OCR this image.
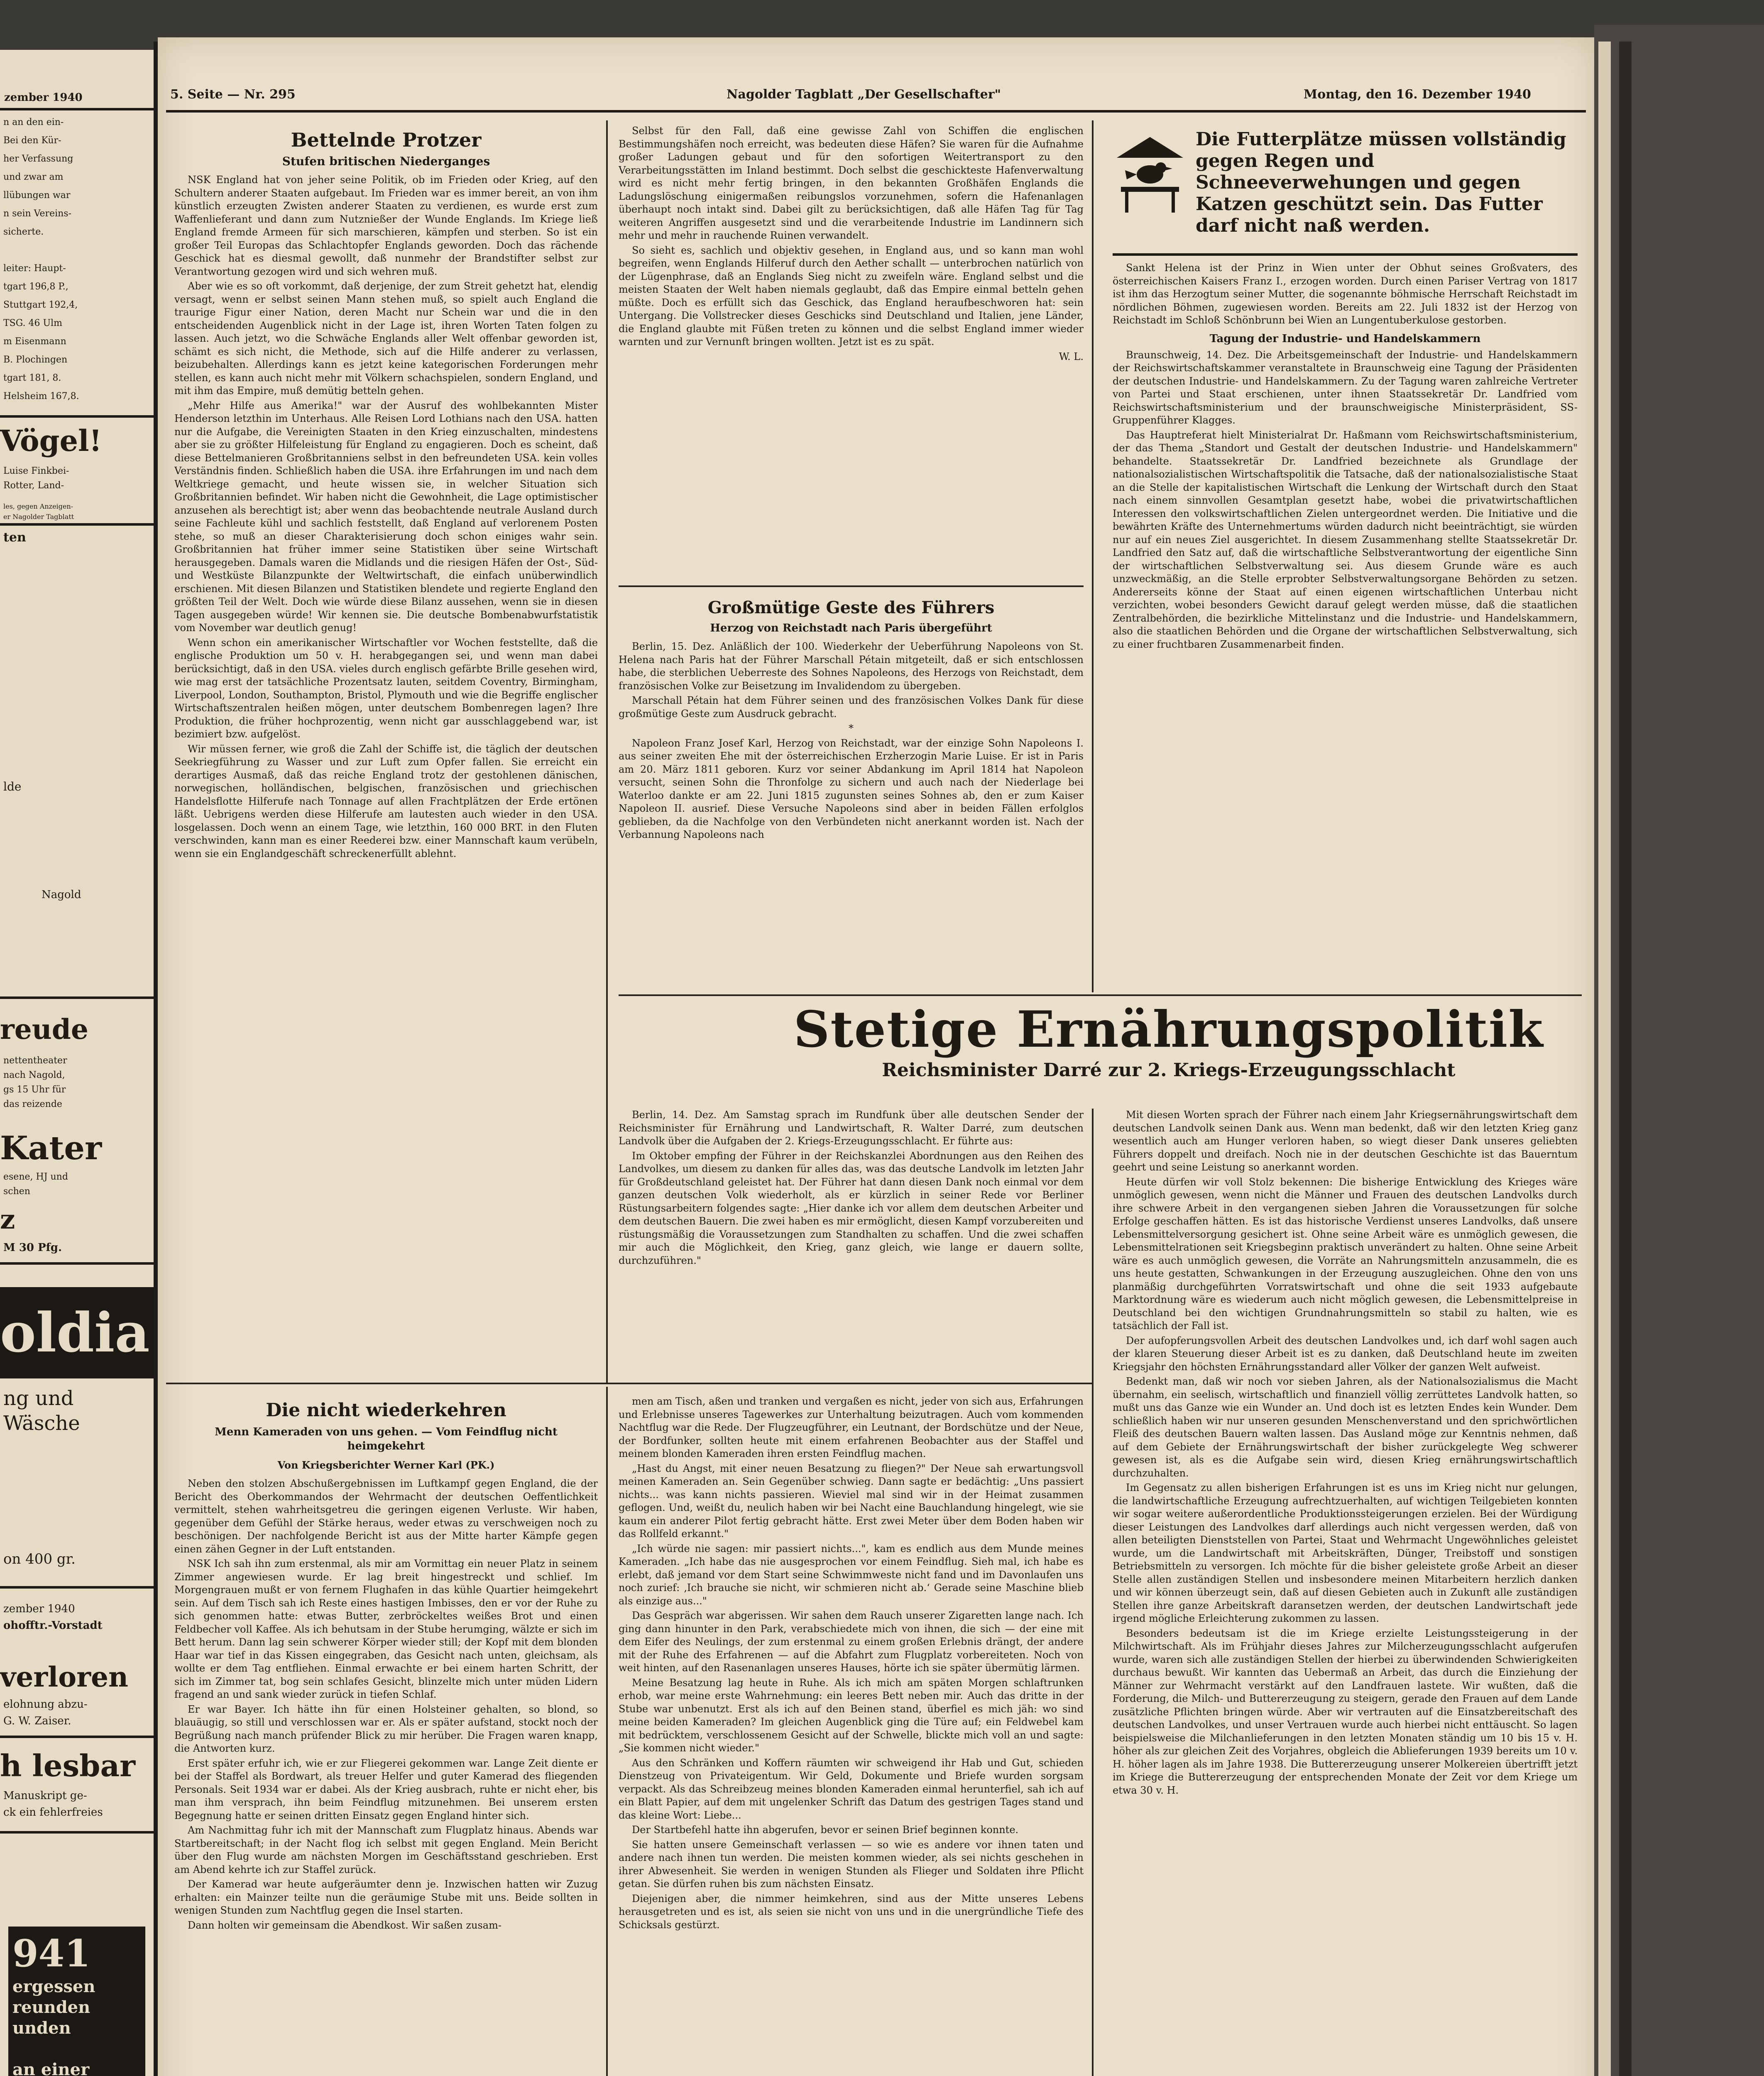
zember 1940
n an den ein-
Bei den Kür-
her Verfassung
und zwar am
llübungen war
n sein Vereins-
sicherte.
leiter: Haupt-
tgart 196,8 P.,
Stuttgart 192,4,
TSG. 46 Ulm
m Eisenmann
B. Plochingen
tgart 181, 8.
Helsheim 167,8.
Vögel!
Luise Finkbei-
Rotter, Land-
les, gegen Anzeigen-
er Nagolder Tagblatt
ten
lde
Nagold
reude
nettentheater
nach Nagold,
gs 15 Uhr für
das reizende
Kater
esene, HJ und
schen
z
M 30 Pfg.
oldia
ng und
Wäsche
on 400 gr.
zember 1940
ohofftr.-Vorstadt
verloren
elohnung abzu-
G. W. Zaiser.
h lesbar
Manuskript ge-
ck ein fehlerfreies
941
ergessen
reunden
unden
an einer
5. Seite — Nr. 295	Nagolder Tagblatt „Der Gesellschafter"	Montag, den 16. Dezember 1940
Bettelnde Protzer
Stufen britischen Niederganges

NSK England hat von jeher seine Politik, ob im Frieden oder Krieg, auf den Schultern anderer Staaten aufgebaut. Im Frieden war es immer bereit, an von ihm künstlich erzeugten Zwisten anderer Staaten zu verdienen, es wurde erst zum Waffenlieferant und dann zum Nutznießer der Wunde Englands. Im Kriege ließ England fremde Armeen für sich marschieren, kämpfen und sterben. So ist ein großer Teil Europas das Schlachtopfer Englands geworden. Doch das rächende Geschick hat es diesmal gewollt, daß nunmehr der Brandstifter selbst zur Verantwortung gezogen wird und sich wehren muß.

Aber wie es so oft vorkommt, daß derjenige, der zum Streit gehetzt hat, elendig versagt, wenn er selbst seinen Mann stehen muß, so spielt auch England die traurige Figur einer Nation, deren Macht nur Schein war und die in den entscheidenden Augenblick nicht in der Lage ist, ihren Worten Taten folgen zu lassen. Auch jetzt, wo die Schwäche Englands aller Welt offenbar geworden ist, schämt es sich nicht, die Methode, sich auf die Hilfe anderer zu verlassen, beizubehalten. Allerdings kann es jetzt keine kategorischen Forderungen mehr stellen, es kann auch nicht mehr mit Völkern schachspielen, sondern England, und mit ihm das Empire, muß demütig betteln gehen.

„Mehr Hilfe aus Amerika!" war der Ausruf des wohlbekannten Mister Henderson letzthin im Unterhaus. Alle Reisen Lord Lothians nach den USA. hatten nur die Aufgabe, die Vereinigten Staaten in den Krieg einzuschalten, mindestens aber sie zu größter Hilfeleistung für England zu engagieren. Doch es scheint, daß diese Bettelmanieren Großbritanniens selbst in den befreundeten USA. kein volles Verständnis finden. Schließlich haben die USA. ihre Erfahrungen im und nach dem Weltkriege gemacht, und heute wissen sie, in welcher Situation sich Großbritannien befindet. Wir haben nicht die Gewohnheit, die Lage optimistischer anzusehen als berechtigt ist; aber wenn das beobachtende neutrale Ausland durch seine Fachleute kühl und sachlich feststellt, daß England auf verlorenem Posten stehe, so muß an dieser Charakterisierung doch schon einiges wahr sein. Großbritannien hat früher immer seine Statistiken über seine Wirtschaft herausgegeben. Damals waren die Midlands und die riesigen Häfen der Ost-, Süd- und Westküste Bilanzpunkte der Weltwirtschaft, die einfach unüberwindlich erschienen. Mit diesen Bilanzen und Statistiken blendete und regierte England den größten Teil der Welt. Doch wie würde diese Bilanz aussehen, wenn sie in diesen Tagen ausgegeben würde! Wir kennen sie. Die deutsche Bombenabwurfstatistik vom November war deutlich genug!

Wenn schon ein amerikanischer Wirtschaftler vor Wochen feststellte, daß die englische Produktion um 50 v. H. herabgegangen sei, und wenn man dabei berücksichtigt, daß in den USA. vieles durch englisch gefärbte Brille gesehen wird, wie mag erst der tatsächliche Prozentsatz lauten, seitdem Coventry, Birmingham, Liverpool, London, Southampton, Bristol, Plymouth und wie die Begriffe englischer Wirtschaftszentralen heißen mögen, unter deutschem Bombenregen lagen? Ihre Produktion, die früher hochprozentig, wenn nicht gar ausschlaggebend war, ist bezimiert bzw. aufgelöst.

Wir müssen ferner, wie groß die Zahl der Schiffe ist, die täglich der deutschen Seekriegführung zu Wasser und zur Luft zum Opfer fallen. Sie erreicht ein derartiges Ausmaß, daß das reiche England trotz der gestohlenen dänischen, norwegischen, holländischen, belgischen, französischen und griechischen Handelsflotte Hilferufe nach Tonnage auf allen Frachtplätzen der Erde ertönen läßt. Uebrigens werden diese Hilferufe am lautesten auch wieder in den USA. losgelassen. Doch wenn an einem Tage, wie letzthin, 160 000 BRT. in den Fluten verschwinden, kann man es einer Reederei bzw. einer Mannschaft kaum verübeln, wenn sie ein Englandgeschäft schreckenerfüllt ablehnt.

Selbst für den Fall, daß eine gewisse Zahl von Schiffen die englischen Bestimmungshäfen noch erreicht, was bedeuten diese Häfen? Sie waren für die Aufnahme großer Ladungen gebaut und für den sofortigen Weitertransport zu den Verarbeitungsstätten im Inland bestimmt. Doch selbst die geschickteste Hafenverwaltung wird es nicht mehr fertig bringen, in den bekannten Großhäfen Englands die Ladungslöschung einigermaßen reibungslos vorzunehmen, sofern die Hafenanlagen überhaupt noch intakt sind. Dabei gilt zu berücksichtigen, daß alle Häfen Tag für Tag weiteren Angriffen ausgesetzt sind und die verarbeitende Industrie im Landinnern sich mehr und mehr in rauchende Ruinen verwandelt.

So sieht es, sachlich und objektiv gesehen, in England aus, und so kann man wohl begreifen, wenn Englands Hilferuf durch den Aether schallt — unterbrochen natürlich von der Lügenphrase, daß an Englands Sieg nicht zu zweifeln wäre. England selbst und die meisten Staaten der Welt haben niemals geglaubt, daß das Empire einmal betteln gehen müßte. Doch es erfüllt sich das Geschick, das England heraufbeschworen hat: sein Untergang. Die Vollstrecker dieses Geschicks sind Deutschland und Italien, jene Länder, die England glaubte mit Füßen treten zu können und die selbst England immer wieder warnten und zur Vernunft bringen wollten. Jetzt ist es zu spät.

W. L.

Großmütige Geste des Führers
Herzog von Reichstadt nach Paris übergeführt

Berlin, 15. Dez. Anläßlich der 100. Wiederkehr der Ueberführung Napoleons von St. Helena nach Paris hat der Führer Marschall Pétain mitgeteilt, daß er sich entschlossen habe, die sterblichen Ueberreste des Sohnes Napoleons, des Herzogs von Reichstadt, dem französischen Volke zur Beisetzung im Invalidendom zu übergeben.

Marschall Pétain hat dem Führer seinen und des französischen Volkes Dank für diese großmütige Geste zum Ausdruck gebracht.

*

Napoleon Franz Josef Karl, Herzog von Reichstadt, war der einzige Sohn Napoleons I. aus seiner zweiten Ehe mit der österreichischen Erzherzogin Marie Luise. Er ist in Paris am 20. März 1811 geboren. Kurz vor seiner Abdankung im April 1814 hat Napoleon versucht, seinen Sohn die Thronfolge zu sichern und auch nach der Niederlage bei Waterloo dankte er am 22. Juni 1815 zugunsten seines Sohnes ab, den er zum Kaiser Napoleon II. ausrief. Diese Versuche Napoleons sind aber in beiden Fällen erfolglos geblieben, da die Nachfolge von den Verbündeten nicht anerkannt worden ist. Nach der Verbannung Napoleons nach

Die Futterplätze müssen vollständig gegen Regen und Schneeverwehungen und gegen Katzen geschützt sein. Das Futter darf nicht naß werden.

Sankt Helena ist der Prinz in Wien unter der Obhut seines Großvaters, des österreichischen Kaisers Franz I., erzogen worden. Durch einen Pariser Vertrag von 1817 ist ihm das Herzogtum seiner Mutter, die sogenannte böhmische Herrschaft Reichstadt im nördlichen Böhmen, zugewiesen worden. Bereits am 22. Juli 1832 ist der Herzog von Reichstadt im Schloß Schönbrunn bei Wien an Lungentuberkulose gestorben.

Tagung der Industrie- und Handelskammern

Braunschweig, 14. Dez. Die Arbeitsgemeinschaft der Industrie- und Handelskammern der Reichswirtschaftskammer veranstaltete in Braunschweig eine Tagung der Präsidenten der deutschen Industrie- und Handelskammern. Zu der Tagung waren zahlreiche Vertreter von Partei und Staat erschienen, unter ihnen Staatssekretär Dr. Landfried vom Reichswirtschaftsministerium und der braunschweigische Ministerpräsident, SS-Gruppenführer Klagges.

Das Hauptreferat hielt Ministerialrat Dr. Haßmann vom Reichswirtschaftsministerium, der das Thema „Standort und Gestalt der deutschen Industrie- und Handelskammern" behandelte. Staatssekretär Dr. Landfried bezeichnete als Grundlage der nationalsozialistischen Wirtschaftspolitik die Tatsache, daß der nationalsozialistische Staat an die Stelle der kapitalistischen Wirtschaft die Lenkung der Wirtschaft durch den Staat nach einem sinnvollen Gesamtplan gesetzt habe, wobei die privatwirtschaftlichen Interessen den volkswirtschaftlichen Zielen untergeordnet werden. Die Initiative und die bewährten Kräfte des Unternehmertums würden dadurch nicht beeinträchtigt, sie würden nur auf ein neues Ziel ausgerichtet. In diesem Zusammenhang stellte Staatssekretär Dr. Landfried den Satz auf, daß die wirtschaftliche Selbstverantwortung der eigentliche Sinn der wirtschaftlichen Selbstverwaltung sei. Aus diesem Grunde wäre es auch unzweckmäßig, an die Stelle erprobter Selbstverwaltungsorgane Behörden zu setzen. Andererseits könne der Staat auf einen eigenen wirtschaftlichen Unterbau nicht verzichten, wobei besonders Gewicht darauf gelegt werden müsse, daß die staatlichen Zentralbehörden, die bezirkliche Mittelinstanz und die Industrie- und Handelskammern, also die staatlichen Behörden und die Organe der wirtschaftlichen Selbstverwaltung, sich zu einer fruchtbaren Zusammenarbeit finden.

Stetige Ernährungspolitik
Reichsminister Darré zur 2. Kriegs-Erzeugungsschlacht

Berlin, 14. Dez. Am Samstag sprach im Rundfunk über alle deutschen Sender der Reichsminister für Ernährung und Landwirtschaft, R. Walter Darré, zum deutschen Landvolk über die Aufgaben der 2. Kriegs-Erzeugungsschlacht. Er führte aus:

Im Oktober empfing der Führer in der Reichskanzlei Abordnungen aus den Reihen des Landvolkes, um diesem zu danken für alles das, was das deutsche Landvolk im letzten Jahr für Großdeutschland geleistet hat. Der Führer hat dann diesen Dank noch einmal vor dem ganzen deutschen Volk wiederholt, als er kürzlich in seiner Rede vor Berliner Rüstungsarbeitern folgendes sagte: „Hier danke ich vor allem dem deutschen Arbeiter und dem deutschen Bauern. Die zwei haben es mir ermöglicht, diesen Kampf vorzubereiten und rüstungsmäßig die Voraussetzungen zum Standhalten zu schaffen. Und die zwei schaffen mir auch die Möglichkeit, den Krieg, ganz gleich, wie lange er dauern sollte, durchzuführen."

Mit diesen Worten sprach der Führer nach einem Jahr Kriegsernährungswirtschaft dem deutschen Landvolk seinen Dank aus. Wenn man bedenkt, daß wir den letzten Krieg ganz wesentlich auch am Hunger verloren haben, so wiegt dieser Dank unseres geliebten Führers doppelt und dreifach. Noch nie in der deutschen Geschichte ist das Bauerntum geehrt und seine Leistung so anerkannt worden.

Heute dürfen wir voll Stolz bekennen: Die bisherige Entwicklung des Krieges wäre unmöglich gewesen, wenn nicht die Männer und Frauen des deutschen Landvolks durch ihre schwere Arbeit in den vergangenen sieben Jahren die Voraussetzungen für solche Erfolge geschaffen hätten. Es ist das historische Verdienst unseres Landvolks, daß unsere Lebensmittelversorgung gesichert ist. Ohne seine Arbeit wäre es unmöglich gewesen, die Lebensmittelrationen seit Kriegsbeginn praktisch unverändert zu halten. Ohne seine Arbeit wäre es auch unmöglich gewesen, die Vorräte an Nahrungsmitteln anzusammeln, die es uns heute gestatten, Schwankungen in der Erzeugung auszugleichen. Ohne den von uns planmäßig durchgeführten Vorratswirtschaft und ohne die seit 1933 aufgebaute Marktordnung wäre es wiederum auch nicht möglich gewesen, die Lebensmittelpreise in Deutschland bei den wichtigen Grundnahrungsmitteln so stabil zu halten, wie es tatsächlich der Fall ist.

Der aufopferungsvollen Arbeit des deutschen Landvolkes und, ich darf wohl sagen auch der klaren Steuerung dieser Arbeit ist es zu danken, daß Deutschland heute im zweiten Kriegsjahr den höchsten Ernährungsstandard aller Völker der ganzen Welt aufweist.

Bedenkt man, daß wir noch vor sieben Jahren, als der Nationalsozialismus die Macht übernahm, ein seelisch, wirtschaftlich und finanziell völlig zerrüttetes Landvolk hatten, so mußt uns das Ganze wie ein Wunder an. Und doch ist es letzten Endes kein Wunder. Dem schließlich haben wir nur unseren gesunden Menschenverstand und den sprichwörtlichen Fleiß des deutschen Bauern walten lassen. Das Ausland möge zur Kenntnis nehmen, daß auf dem Gebiete der Ernährungswirtschaft der bisher zurückgelegte Weg schwerer gewesen ist, als es die Aufgabe sein wird, diesen Krieg ernährungswirtschaftlich durchzuhalten.

Im Gegensatz zu allen bisherigen Erfahrungen ist es uns im Krieg nicht nur gelungen, die landwirtschaftliche Erzeugung aufrechtzuerhalten, auf wichtigen Teilgebieten konnten wir sogar weitere außerordentliche Produktionssteigerungen erzielen. Bei der Würdigung dieser Leistungen des Landvolkes darf allerdings auch nicht vergessen werden, daß von allen beteiligten Dienststellen von Partei, Staat und Wehrmacht Ungewöhnliches geleistet wurde, um die Landwirtschaft mit Arbeitskräften, Dünger, Treibstoff und sonstigen Betriebsmitteln zu versorgen. Ich möchte für die bisher geleistete große Arbeit an dieser Stelle allen zuständigen Stellen und insbesondere meinen Mitarbeitern herzlich danken und wir können überzeugt sein, daß auf diesen Gebieten auch in Zukunft alle zuständigen Stellen ihre ganze Arbeitskraft daransetzen werden, der deutschen Landwirtschaft jede irgend mögliche Erleichterung zukommen zu lassen.

Besonders bedeutsam ist die im Kriege erzielte Leistungssteigerung in der Milchwirtschaft. Als im Frühjahr dieses Jahres zur Milcherzeugungsschlacht aufgerufen wurde, waren sich alle zuständigen Stellen der hierbei zu überwindenden Schwierigkeiten durchaus bewußt. Wir kannten das Uebermaß an Arbeit, das durch die Einziehung der Männer zur Wehrmacht verstärkt auf den Landfrauen lastete. Wir wußten, daß die Forderung, die Milch- und Buttererzeugung zu steigern, gerade den Frauen auf dem Lande zusätzliche Pflichten bringen würde. Aber wir vertrauten auf die Einsatzbereitschaft des deutschen Landvolkes, und unser Vertrauen wurde auch hierbei nicht enttäuscht. So lagen beispielsweise die Milchanlieferungen in den letzten Monaten ständig um 10 bis 15 v. H. höher als zur gleichen Zeit des Vorjahres, obgleich die Ablieferungen 1939 bereits um 10 v. H. höher lagen als im Jahre 1938. Die Buttererzeugung unserer Molkereien übertrifft jetzt im Kriege die Buttererzeugung der entsprechenden Monate der Zeit vor dem Kriege um etwa 30 v. H.

Die nicht wiederkehren
Menn Kameraden von uns gehen. — Vom Feindflug nicht heimgekehrt
Von Kriegsberichter Werner Karl (PK.)

Neben den stolzen Abschußergebnissen im Luftkampf gegen England, die der Bericht des Oberkommandos der Wehrmacht der deutschen Oeffentlichkeit vermittelt, stehen wahrheitsgetreu die geringen eigenen Verluste. Wir haben, gegenüber dem Gefühl der Stärke heraus, weder etwas zu verschweigen noch zu beschönigen. Der nachfolgende Bericht ist aus der Mitte harter Kämpfe gegen einen zähen Gegner in der Luft entstanden.

NSK Ich sah ihn zum erstenmal, als mir am Vormittag ein neuer Platz in seinem Zimmer angewiesen wurde. Er lag breit hingestreckt und schlief. Im Morgengrauen mußt er von fernem Flughafen in das kühle Quartier heimgekehrt sein. Auf dem Tisch sah ich Reste eines hastigen Imbisses, den er vor der Ruhe zu sich genommen hatte: etwas Butter, zerbröckeltes weißes Brot und einen Feldbecher voll Kaffee. Als ich behutsam in der Stube herumging, wälzte er sich im Bett herum. Dann lag sein schwerer Körper wieder still; der Kopf mit dem blonden Haar war tief in das Kissen eingegraben, das Gesicht nach unten, gleichsam, als wollte er dem Tag entfliehen. Einmal erwachte er bei einem harten Schritt, der sich im Zimmer tat, bog sein schlafes Gesicht, blinzelte mich unter müden Lidern fragend an und sank wieder zurück in tiefen Schlaf.

Er war Bayer. Ich hätte ihn für einen Holsteiner gehalten, so blond, so blauäugig, so still und verschlossen war er. Als er später aufstand, stockt noch der Begrüßung nach manch prüfender Blick zu mir herüber. Die Fragen waren knapp, die Antworten kurz.

Erst später erfuhr ich, wie er zur Fliegerei gekommen war. Lange Zeit diente er bei der Staffel als Bordwart, als treuer Helfer und guter Kamerad des fliegenden Personals. Seit 1934 war er dabei. Als der Krieg ausbrach, ruhte er nicht eher, bis man ihm versprach, ihn beim Feindflug mitzunehmen. Bei unserem ersten Begegnung hatte er seinen dritten Einsatz gegen England hinter sich.

Am Nachmittag fuhr ich mit der Mannschaft zum Flugplatz hinaus. Abends war Startbereitschaft; in der Nacht flog ich selbst mit gegen England. Mein Bericht über den Flug wurde am nächsten Morgen im Geschäftsstand geschrieben. Erst am Abend kehrte ich zur Staffel zurück.

Der Kamerad war heute aufgeräumter denn je. Inzwischen hatten wir Zuzug erhalten: ein Mainzer teilte nun die geräumige Stube mit uns. Beide sollten in wenigen Stunden zum Nachtflug gegen die Insel starten.

Dann holten wir gemeinsam die Abendkost. Wir saßen zusam-

men am Tisch, aßen und tranken und vergaßen es nicht, jeder von sich aus, Erfahrungen und Erlebnisse unseres Tagewerkes zur Unterhaltung beizutragen. Auch vom kommenden Nachtflug war die Rede. Der Flugzeugführer, ein Leutnant, der Bordschütze und der Neue, der Bordfunker, sollten heute mit einem erfahrenen Beobachter aus der Staffel und meinem blonden Kameraden ihren ersten Feindflug machen.

„Hast du Angst, mit einer neuen Besatzung zu fliegen?" Der Neue sah erwartungsvoll meinen Kameraden an. Sein Gegenüber schwieg. Dann sagte er bedächtig: „Uns passiert nichts... was kann nichts passieren. Wieviel mal sind wir in der Heimat zusammen geflogen. Und, weißt du, neulich haben wir bei Nacht eine Bauchlandung hingelegt, wie sie kaum ein anderer Pilot fertig gebracht hätte. Erst zwei Meter über dem Boden haben wir das Rollfeld erkannt."

„Ich würde nie sagen: mir passiert nichts...", kam es endlich aus dem Munde meines Kameraden. „Ich habe das nie ausgesprochen vor einem Feindflug. Sieh mal, ich habe es erlebt, daß jemand vor dem Start seine Schwimmweste nicht fand und im Davonlaufen uns noch zurief: ‚Ich brauche sie nicht, wir schmieren nicht ab.‘ Gerade seine Maschine blieb als einzige aus..."

Das Gespräch war abgerissen. Wir sahen dem Rauch unserer Zigaretten lange nach. Ich ging dann hinunter in den Park, verabschiedete mich von ihnen, die sich — der eine mit dem Eifer des Neulings, der zum erstenmal zu einem großen Erlebnis drängt, der andere mit der Ruhe des Erfahrenen — auf die Abfahrt zum Flugplatz vorbereiteten. Noch von weit hinten, auf den Rasenanlagen unseres Hauses, hörte ich sie später übermütig lärmen.

Meine Besatzung lag heute in Ruhe. Als ich mich am späten Morgen schlaftrunken erhob, war meine erste Wahrnehmung: ein leeres Bett neben mir. Auch das dritte in der Stube war unbenutzt. Erst als ich auf den Beinen stand, überfiel es mich jäh: wo sind meine beiden Kameraden? Im gleichen Augenblick ging die Türe auf; ein Feldwebel kam mit bedrücktem, verschlossenem Gesicht auf der Schwelle, blickte mich voll an und sagte: „Sie kommen nicht wieder."

Aus den Schränken und Koffern räumten wir schweigend ihr Hab und Gut, schieden Dienstzeug von Privateigentum. Wir Geld, Dokumente und Briefe wurden sorgsam verpackt. Als das Schreibzeug meines blonden Kameraden einmal herunterfiel, sah ich auf ein Blatt Papier, auf dem mit ungelenker Schrift das Datum des gestrigen Tages stand und das kleine Wort: Liebe...

Der Startbefehl hatte ihn abgerufen, bevor er seinen Brief beginnen konnte.

Sie hatten unsere Gemeinschaft verlassen — so wie es andere vor ihnen taten und andere nach ihnen tun werden. Die meisten kommen wieder, als sei nichts geschehen in ihrer Abwesenheit. Sie werden in wenigen Stunden als Flieger und Soldaten ihre Pflicht getan. Sie dürfen ruhen bis zum nächsten Einsatz.

Diejenigen aber, die nimmer heimkehren, sind aus der Mitte unseres Lebens herausgetreten und es ist, als seien sie nicht von uns und in die unergründliche Tiefe des Schicksals gestürzt.
